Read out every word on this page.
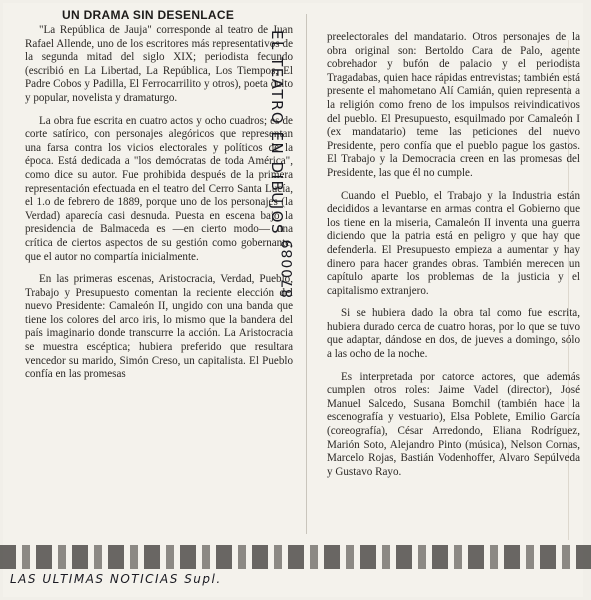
UN DRAMA SIN DESENLACE

"La República de Jauja" corresponde al teatro de Juan Rafael Allende, uno de los escritores más representativos de la segunda mitad del siglo XIX; periodista fecundo (escribió en La Libertad, La República, Los Tiempos, El Padre Cobos y Padilla, El Ferrocarrilito y otros), poeta culto y popular, novelista y dramaturgo.

La obra fue escrita en cuatro actos y ocho cuadros; es de corte satírico, con personajes alegóricos que representan una farsa contra los vicios electorales y políticos de la época. Está dedicada a "los demócratas de toda América", como dice su autor. Fue prohibida después de la primera representación efectuada en el teatro del Cerro Santa Lucía, el 1.o de febrero de 1889, porque uno de los personajes (la Verdad) aparecía casi desnuda. Puesta en escena bajo la presidencia de Balmaceda es —en cierto modo— una crítica de ciertos aspectos de su gestión como gobernante, que el autor no compartía inicialmente.

En las primeras escenas, Aristocracia, Verdad, Pueblo, Trabajo y Presupuesto comentan la reciente elección del nuevo Presidente: Camaleón II, ungido con una banda que tiene los colores del arco iris, lo mismo que la bandera del país imaginario donde transcurre la acción. La Aristocracia se muestra escéptica; hubiera preferido que resultara vencedor su marido, Simón Creso, un capitalista. El Pueblo confía en las promesas

preelectorales del mandatario. Otros personajes de la obra original son: Bertoldo Cara de Palo, agente cobrehador y bufón de palacio y el periodista Tragadabas, quien hace rápidas entrevistas; también está presente el mahometano Alí Camián, quien representa a la religión como freno de los impulsos reivindicativos del pueblo. El Presupuesto, esquilmado por Camaleón I (ex mandatario) teme las peticiones del nuevo Presidente, pero confía que el pueblo pague los gastos. El Trabajo y la Democracia creen en las promesas del Presidente, las que él no cumple.

Cuando el Pueblo, el Trabajo y la Industria están decididos a levantarse en armas contra el Gobierno que los tiene en la miseria, Camaleón II inventa una guerra diciendo que la patria está en peligro y que hay que defenderla. El Presupuesto empieza a aumentar y hay dinero para hacer grandes obras. También merecen un capítulo aparte los problemas de la justicia y el capitalismo extranjero.

Si se hubiera dado la obra tal como fue escrita, hubiera durado cerca de cuatro horas, por lo que se tuvo que adaptar, dándose en dos, de jueves a domingo, sólo a las ocho de la noche.

Es interpretada por catorce actores, que además cumplen otros roles: Jaime Vadel (director), José Manuel Salcedo, Susana Bomchil (también hace la escenografía y vestuario), Elsa Poblete, Emilio García (coreografía), César Arredondo, Eliana Rodríguez, Marión Soto, Alejandro Pinto (música), Nelson Cornas, Marcelo Rojas, Bastián Vodenhoffer, Alvaro Sepúlveda y Gustavo Rayo.

EL TEATRO EN DIBUJOS
870089
LAS ULTIMAS NOTICIAS Supl.
